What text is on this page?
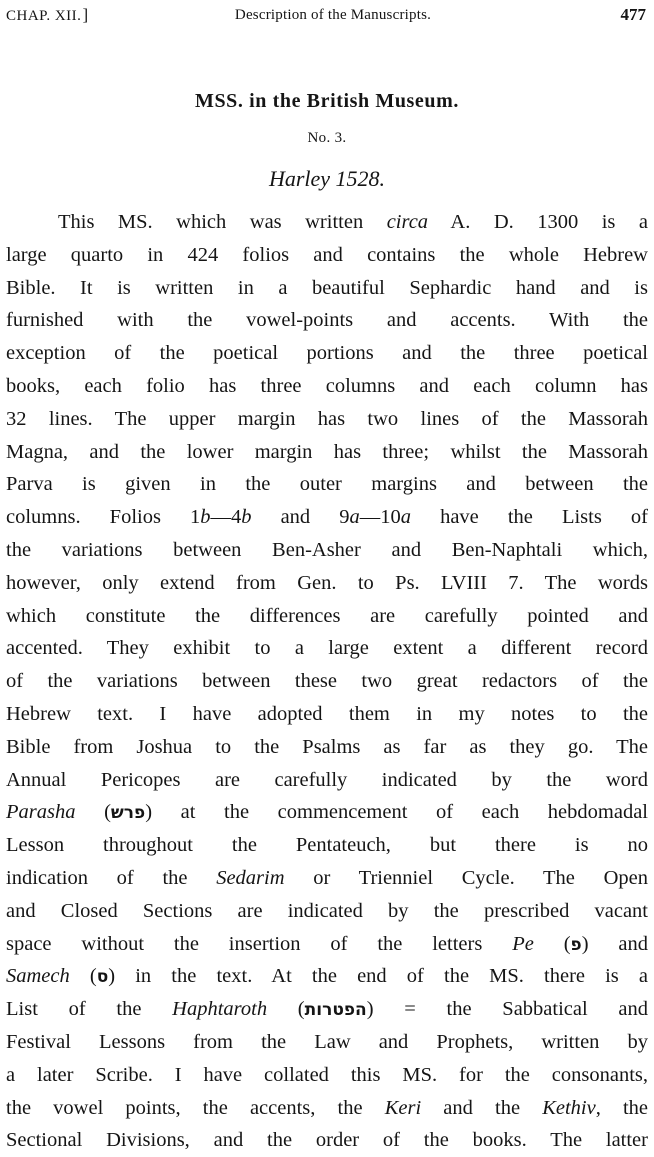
CHAP. XII.]	Description of the Manuscripts.	477
MSS. in the British Museum.
No. 3.
Harley 1528.
This MS. which was written circa A. D. 1300 is a
large quarto in 424 folios and contains the whole Hebrew
Bible. It is written in a beautiful Sephardic hand and is
furnished with the vowel-points and accents. With the
exception of the poetical portions and the three poetical
books, each folio has three columns and each column has
32 lines. The upper margin has two lines of the Massorah
Magna, and the lower margin has three; whilst the Massorah
Parva is given in the outer margins and between the
columns. Folios 1b—4b and 9a—10a have the Lists of
the variations between Ben-Asher and Ben-Naphtali which,
however, only extend from Gen. to Ps. LVIII 7. The words
which constitute the differences are carefully pointed and
accented. They exhibit to a large extent a different record
of the variations between these two great redactors of the
Hebrew text. I have adopted them in my notes to the
Bible from Joshua to the Psalms as far as they go. The
Annual Pericopes are carefully indicated by the word
Parasha (פרש) at the commencement of each hebdomadal
Lesson throughout the Pentateuch, but there is no
indication of the Sedarim or Trienniel Cycle. The Open
and Closed Sections are indicated by the prescribed vacant
space without the insertion of the letters Pe (פ) and
Samech (ס) in the text. At the end of the MS. there is a
List of the Haphtaroth (הפטרות) = the Sabbatical and
Festival Lessons from the Law and Prophets, written by
a later Scribe. I have collated this MS. for the consonants,
the vowel points, the accents, the Keri and the Kethiv, the
Sectional Divisions, and the order of the books. The latter
